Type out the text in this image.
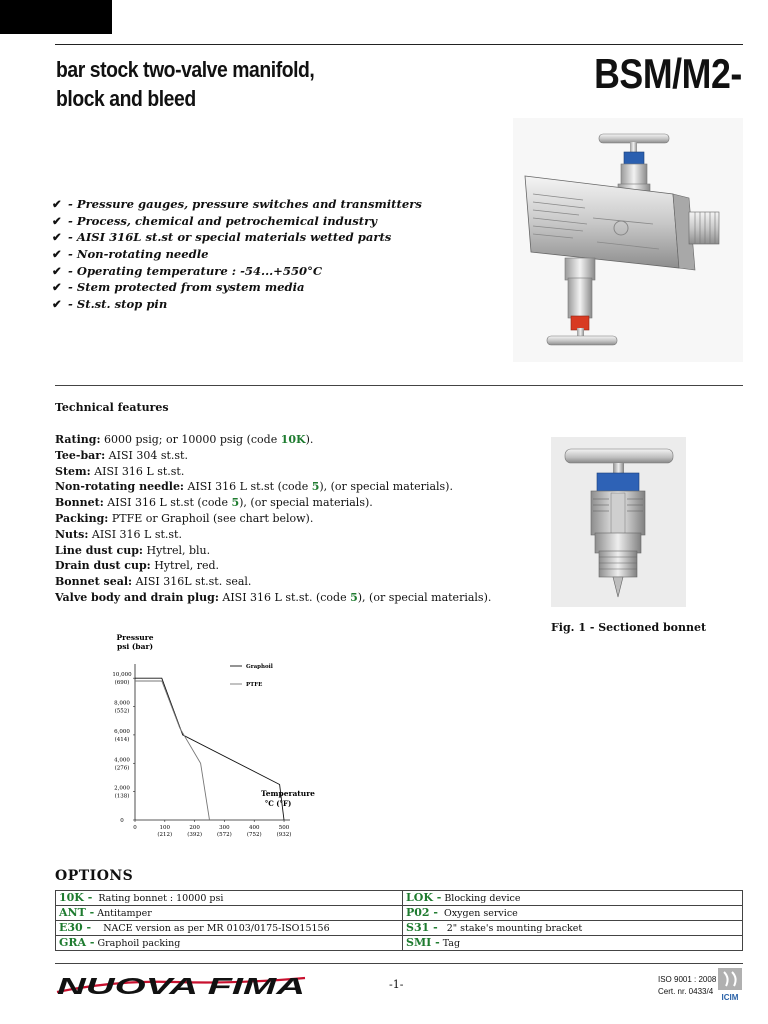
bar stock two-valve manifold,
block and bleed
BSM/M2-
✔ - Pressure gauges, pressure switches and transmitters
✔ - Process, chemical and petrochemical industry
✔ - AISI 316L st.st or special materials wetted parts
✔ - Non-rotating needle
✔ - Operating temperature : -54...+550°C
✔ - Stem protected from system media
✔ - St.st. stop pin
Technical features
Rating: 6000 psig; or 10000 psig (code 10K).
Tee-bar: AISI 304 st.st.
Stem: AISI 316 L st.st.
Non-rotating needle: AISI 316 L st.st (code 5), (or special materials).
Bonnet: AISI 316 L st.st (code 5), (or special materials).
Packing: PTFE or Graphoil (see chart below).
Nuts: AISI 316 L st.st.
Line dust cup: Hytrel, blu.
Drain dust cup: Hytrel, red.
Bonnet seal: AISI 316L st.st. seal.
Valve body and drain plug: AISI 316 L st.st. (code 5), (or special materials).
Fig. 1 - Sectioned bonnet
Pressure
psi (bar)
Temperature
°C (°F)
10,000
(690)
8,000
(552)
6,000
(414)
4,000
(276)
2,000
(138)
0
0	100
(212)
200
(392)
300
(572)
400
(752)
500
(932)
Graphoil
PTFE
OPTIONS
10K - Rating bonnet : 10000 psi	LOK - Blocking device
ANT - Antitamper	P02 - Oxygen service
E30 - NACE version as per MR 0103/0175-ISO15156	S31 - 2" stake's mounting bracket
GRA - Graphoil packing	SMI - Tag
NUOVA FIMA	-1-	ISO 9001 : 2008
Cert. nr. 0433/4
ICIM
